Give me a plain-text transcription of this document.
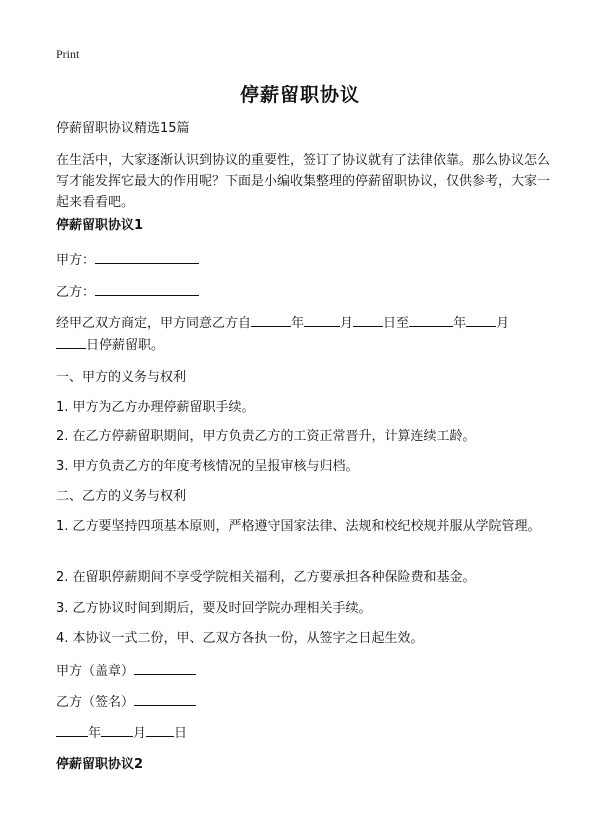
Print
停薪留职协议
停薪留职协议精选15篇
在生活中，大家逐渐认识到协议的重要性，签订了协议就有了法律依靠。那么协议怎么写才能发挥它最大的作用呢？下面是小编收集整理的停薪留职协议，仅供参考，大家一起来看看吧。
停薪留职协议1
甲方：
乙方：
经甲乙双方商定，甲方同意乙方自	年	月 日至	年 月
日停薪留职。
一、甲方的义务与权利
1. 甲方为乙方办理停薪留职手续。
2. 在乙方停薪留职期间，甲方负责乙方的工资正常晋升，计算连续工龄。
3. 甲方负责乙方的年度考核情况的呈报审核与归档。
二、乙方的义务与权利
1. 乙方要坚持四项基本原则，严格遵守国家法律、法规和校纪校规并服从学院管理。
2. 在留职停薪期间不享受学院相关福利，乙方要承担各种保险费和基金。
3. 乙方协议时间到期后，要及时回学院办理相关手续。
4. 本协议一式二份，甲、乙双方各执一份，从签字之日起生效。
甲方（盖章）
乙方（签名）
年 月 日
停薪留职协议2
